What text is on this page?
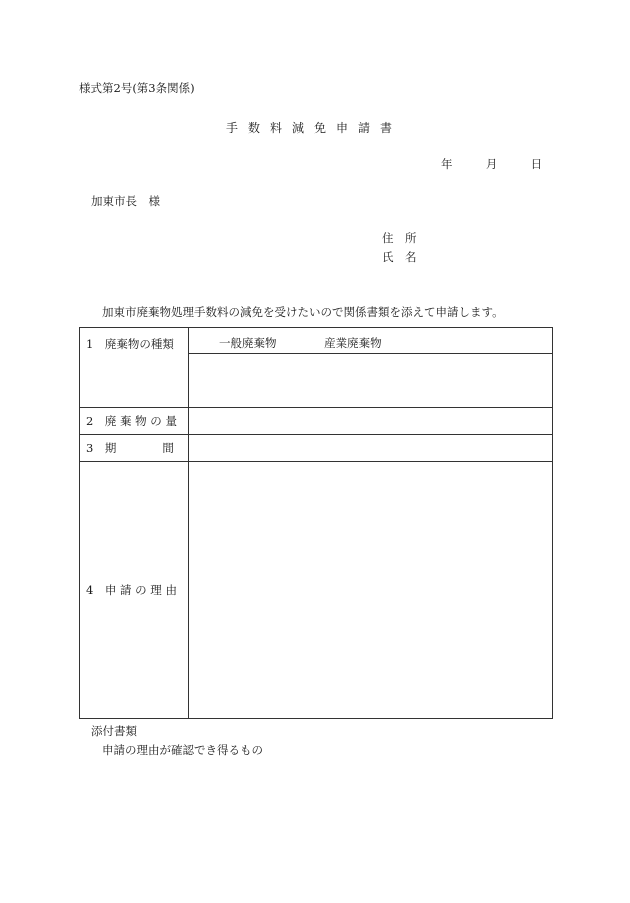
様式第2号(第3条関係)
手数料減免申請書
年	月	日
加東市長　様
住　所
氏　名
加東市廃棄物処理手数料の減免を受けたいので関係書類を添えて申請します。
1　廃棄物の種類	一般廃棄物 産業廃棄物

2　廃 棄 物 の 量	

3　期　　　　間	

4　申 請 の 理 由	

添付書類
申請の理由が確認でき得るもの
